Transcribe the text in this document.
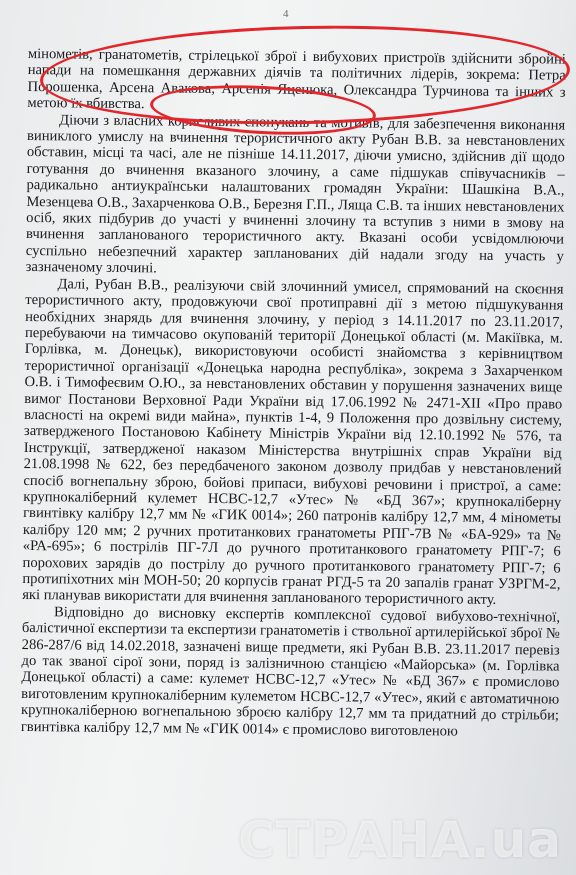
4

мінометів, гранатометів, стрілецької зброї і вибухових пристроїв здійснити збройні напади на помешкання державних діячів та політичних лідерів, зокрема: Петра Порошенка, Арсена Авакова, Арсенія Яценюка, Олександра Турчинова та інших з метою їх вбивства.

Діючи з власних корисливих спонукань та мотивів, для забезпечення виконання виниклого умислу на вчинення терористичного акту Рубан В.В. за невстановлених обставин, місці та часі, але не пізніше 14.11.2017, діючи умисно, здійснив дії щодо готування до вчинення вказаного злочину, а саме підшукав співучасників – радикально антиукраїнськи налаштованих громадян України: Шашкіна В.А., Мезенцева О.В., Захарченкова О.В., Березня Г.П., Ляща С.В. та інших невстановлених осіб, яких підбурив до участі у вчиненні злочину та вступив з ними в змову на вчинення запланованого терористичного акту. Вказані особи усвідомлюючи суспільно небезпечний характер запланованих дій надали згоду на участь у зазначеному злочині.

Далі, Рубан В.В., реалізуючи свій злочинний умисел, спрямований на скоєння терористичного акту, продовжуючи свої протиправні дії з метою підшукування необхідних знарядь для вчинення злочину, у період з 14.11.2017 по 23.11.2017, перебуваючи на тимчасово окупованій території Донецької області (м. Макіївка, м. Горлівка, м. Донецьк), використовуючи особисті знайомства з керівництвом терористичної організації «Донецька народна республіка», зокрема з Захарченком О.В. і Тимофеєвим О.Ю., за невстановлених обставин у порушення зазначених вище вимог Постанови Верховної Ради України від 17.06.1992 № 2471-XII «Про право власності на окремі види майна», пунктів 1-4, 9 Положення про дозвільну систему, затвердженого Постановою Кабінету Міністрів України від 12.10.1992 № 576, та Інструкції, затвердженої наказом Міністерства внутрішніх справ України від 21.08.1998 № 622, без передбаченого законом дозволу придбав у невстановлений спосіб вогнепальну зброю, бойові припаси, вибухові речовини і пристрої, а саме: крупнокаліберний кулемет НСВС-12,7 «Утес» № «БД 367»; крупнокаліберну гвинтівку калібру 12,7 мм № «ГИК 0014»; 260 патронів калібру 12,7 мм, 4 мінометы калібру 120 мм; 2 ручних протитанкових гранатометы РПГ-7В № «БА-929» та № «РА-695»; 6 пострілів ПГ-7Л до ручного протитанкового гранатомету РПГ-7; 6 порохових зарядів до пострілу до ручного протитанкового гранатомету РПГ-7; 6 протипіхотних мін МОН-50; 20 корпусів гранат РГД-5 та 20 запалів гранат УЗРГМ-2, які планував використати для вчинення запланованого терористичного акту.

Відповідно до висновку експертів комплексної судової вибухово-технічної, балістичної експертизи та експертизи гранатометів і ствольної артилерійської зброї № 286-287/6 від 14.02.2018, зазначені вище предмети, які Рубан В.В. 23.11.2017 перевіз до так званої сірої зони, поряд із залізничною станцією «Майорська» (м. Горлівка Донецької області) а саме: кулемет НСВС-12,7 «Утес» № «БД 367» є промислово виготовленим крупнокаліберним кулеметом НСВС-12,7 «Утес», який є автоматичною крупнокаліберною вогнепальною зброєю калібру 12,7 мм та придатний до стрільби; гвинтівка калібру 12,7 мм № «ГИК 0014» є промислово виготовленою

СТРАНА.ua
